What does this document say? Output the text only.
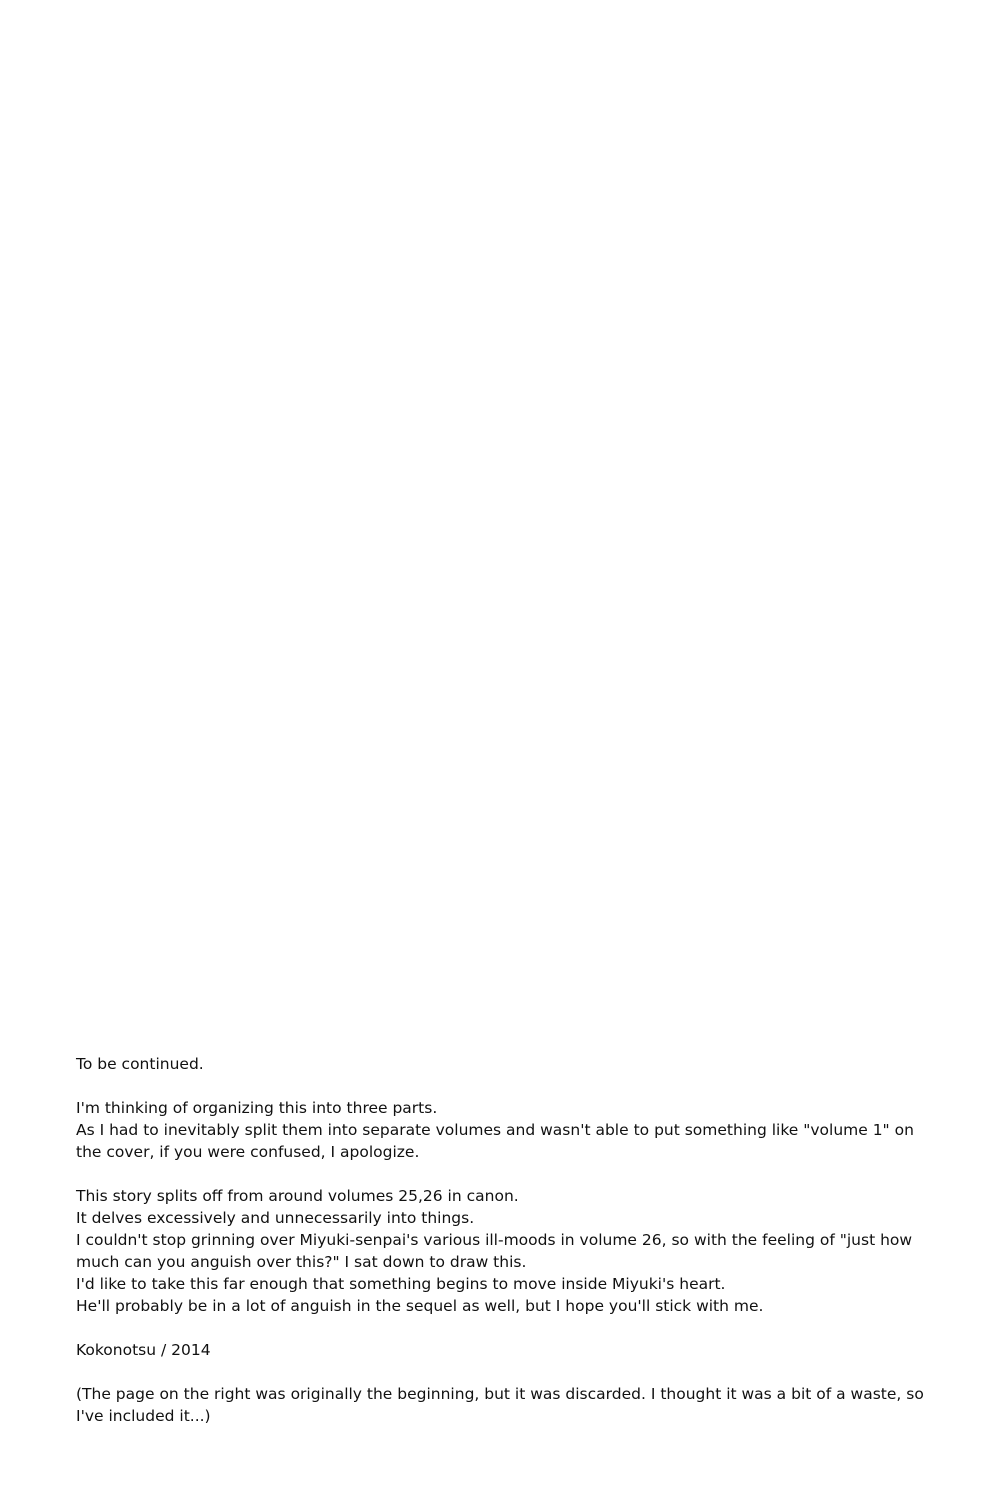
To be continued.

I'm thinking of organizing this into three parts.

As I had to inevitably split them into separate volumes and wasn't able to put something like "volume 1" on the cover, if you were confused, I apologize.

This story splits off from around volumes 25,26 in canon.

It delves excessively and unnecessarily into things.

I couldn't stop grinning over Miyuki-senpai's various ill-moods in volume 26, so with the feeling of "just how much can you anguish over this?" I sat down to draw this.

I'd like to take this far enough that something begins to move inside Miyuki's heart.

He'll probably be in a lot of anguish in the sequel as well, but I hope you'll stick with me.

Kokonotsu / 2014

(The page on the right was originally the beginning, but it was discarded. I thought it was a bit of a waste, so I've included it...)
